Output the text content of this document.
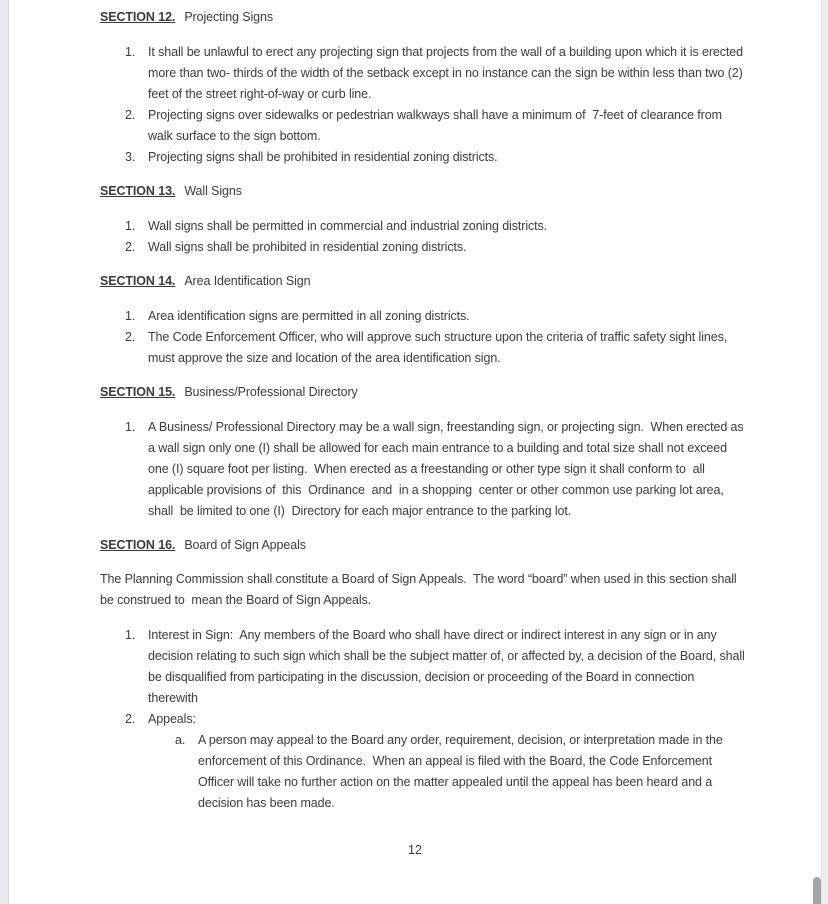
SECTION 12. Projecting Signs
1.	It shall be unlawful to erect any projecting sign that projects from the wall of a building upon which it is erected more than two- thirds of the width of the setback except in no instance can the sign be within less than two (2) feet of the street right-of-way or curb line.
2.	Projecting signs over sidewalks or pedestrian walkways shall have a minimum of  7-feet of clearance from walk surface to the sign bottom.
3.	Projecting signs shall be prohibited in residential zoning districts.
SECTION 13. Wall Signs
1.	Wall signs shall be permitted in commercial and industrial zoning districts.
2.	Wall signs shall be prohibited in residential zoning districts.
SECTION 14. Area Identification Sign
1.	Area identification signs are permitted in all zoning districts.
2.	The Code Enforcement Officer, who will approve such structure upon the criteria of traffic safety sight lines, must approve the size and location of the area identification sign.
SECTION 15. Business/Professional Directory
1.	A Business/ Professional Directory may be a wall sign, freestanding sign, or projecting sign.  When erected as a wall sign only one (I) shall be allowed for each main entrance to a building and total size shall not exceed one (I) square foot per listing.  When erected as a freestanding or other type sign it shall conform to  all applicable provisions of  this  Ordinance  and  in a shopping  center or other common use parking lot area, shall  be limited to one (I)  Directory for each major entrance to the parking lot.
SECTION 16. Board of Sign Appeals

The Planning Commission shall constitute a Board of Sign Appeals.  The word “board” when used in this section shall be construed to  mean the Board of Sign Appeals.

1.	Interest in Sign:  Any members of the Board who shall have direct or indirect interest in any sign or in any decision relating to such sign which shall be the subject matter of, or affected by, a decision of the Board, shall be disqualified from participating in the discussion, decision or proceeding of the Board in connection therewith
2.	Appeals:
a.	A person may appeal to the Board any order, requirement, decision, or interpretation made in the enforcement of this Ordinance.  When an appeal is filed with the Board, the Code Enforcement Officer will take no further action on the matter appealed until the appeal has been heard and a decision has been made.
12
